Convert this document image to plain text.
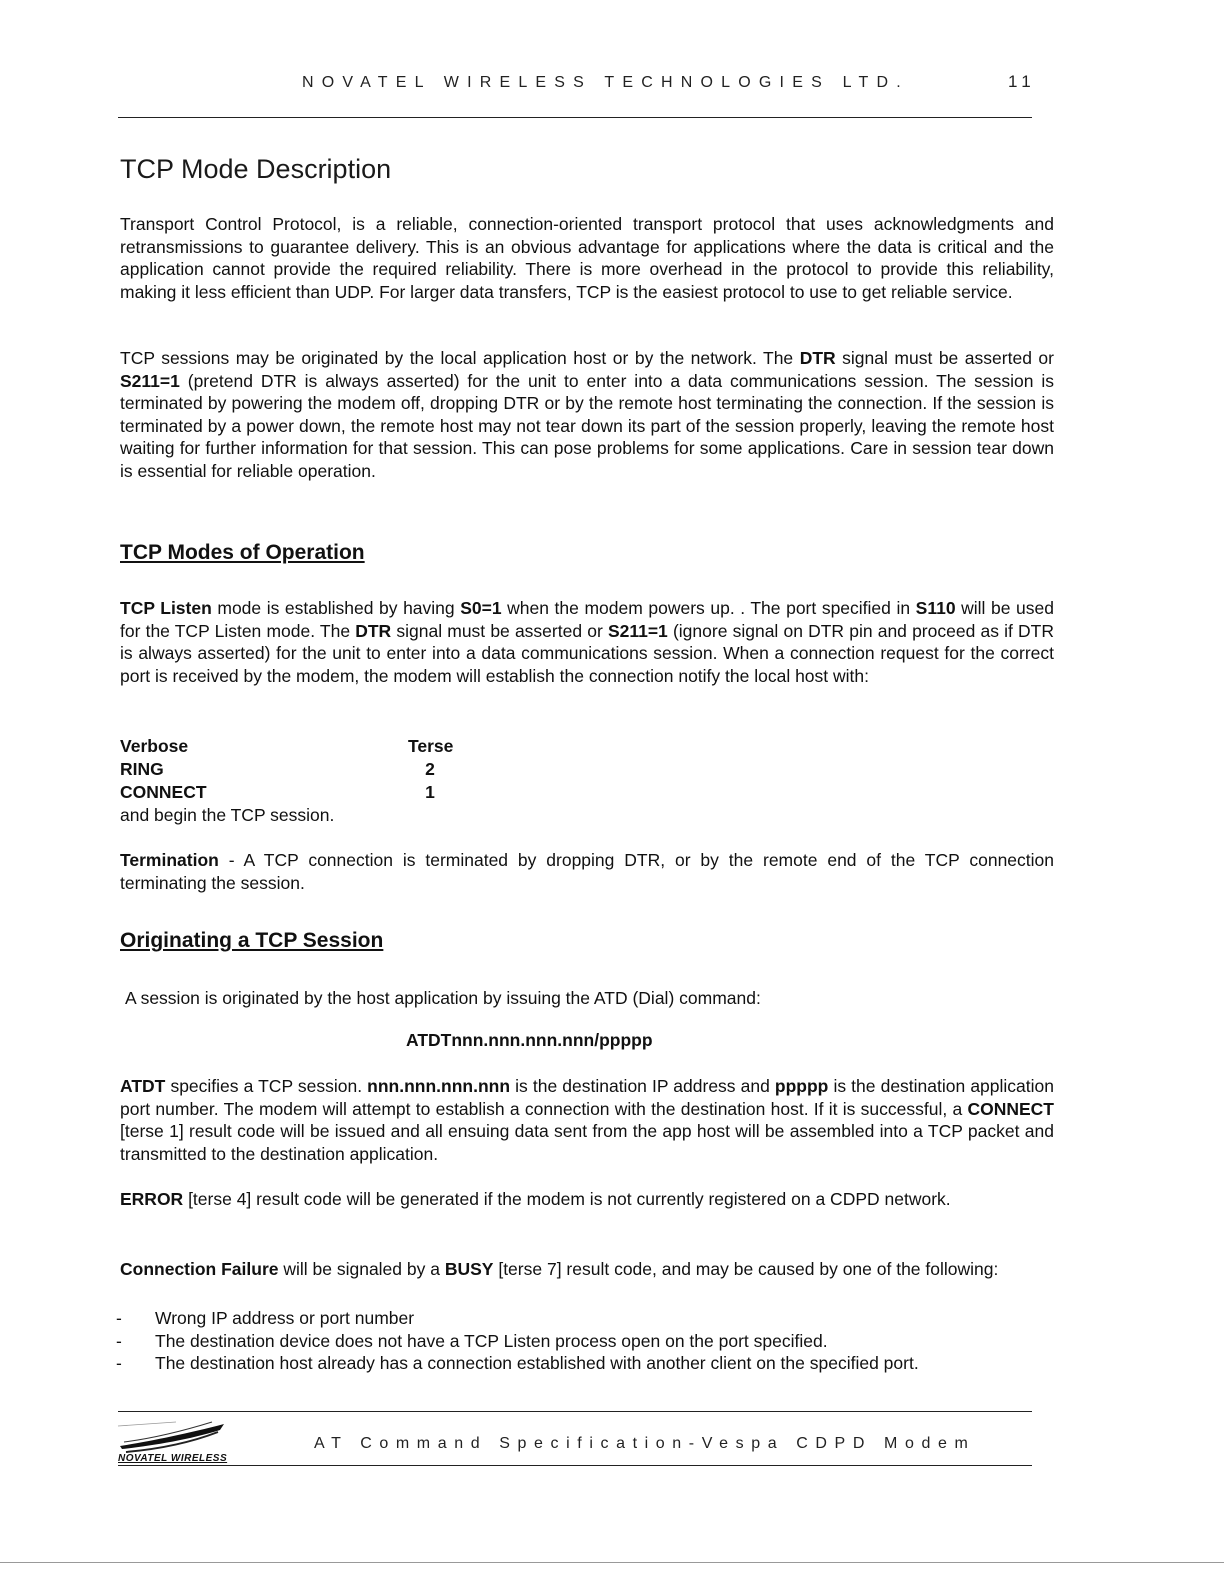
NOVATEL WIRELESS TECHNOLOGIES LTD.	11
TCP Mode Description

Transport Control Protocol, is a reliable, connection-oriented transport protocol that uses acknowledgments and retransmissions to guarantee delivery. This is an obvious advantage for applications where the data is critical and the application cannot provide the required reliability. There is more overhead in the protocol to provide this reliability, making it less efficient than UDP. For larger data transfers, TCP is the easiest protocol to use to get reliable service.

TCP sessions may be originated by the local application host or by the network. The DTR signal must be asserted or S211=1 (pretend DTR is always asserted) for the unit to enter into a data communications session. The session is terminated by powering the modem off, dropping DTR or by the remote host terminating the connection. If the session is terminated by a power down, the remote host may not tear down its part of the session properly, leaving the remote host waiting for further information for that session. This can pose problems for some applications. Care in session tear down is essential for reliable operation.

TCP Modes of Operation

TCP Listen mode is established by having S0=1 when the modem powers up. . The port specified in S110 will be used for the TCP Listen mode. The DTR signal must be asserted or S211=1 (ignore signal on DTR pin and proceed as if DTR is always asserted) for the unit to enter into a data communications session. When a connection request for the correct port is received by the modem, the modem will establish the connection notify the local host with:

Verbose	Terse
RING	2
CONNECT	1
and begin the TCP session.

Termination - A TCP connection is terminated by dropping DTR, or by the remote end of the TCP connection terminating the session.

Originating a TCP Session

A session is originated by the host application by issuing the ATD (Dial) command:

ATDTnnn.nnn.nnn.nnn/ppppp

ATDT specifies a TCP session. nnn.nnn.nnn.nnn is the destination IP address and ppppp is the destination application port number. The modem will attempt to establish a connection with the destination host. If it is successful, a CONNECT [terse 1] result code will be issued and all ensuing data sent from the app host will be assembled into a TCP packet and transmitted to the destination application.

ERROR [terse 4] result code will be generated if the modem is not currently registered on a CDPD network.

Connection Failure will be signaled by a BUSY [terse 7] result code, and may be caused by one of the following:

- Wrong IP address or port number
- The destination device does not have a TCP Listen process open on the port specified.
- The destination host already has a connection established with another client on the specified port.
NOVATEL WIRELESS
AT Command Specification-Vespa CDPD Modem
